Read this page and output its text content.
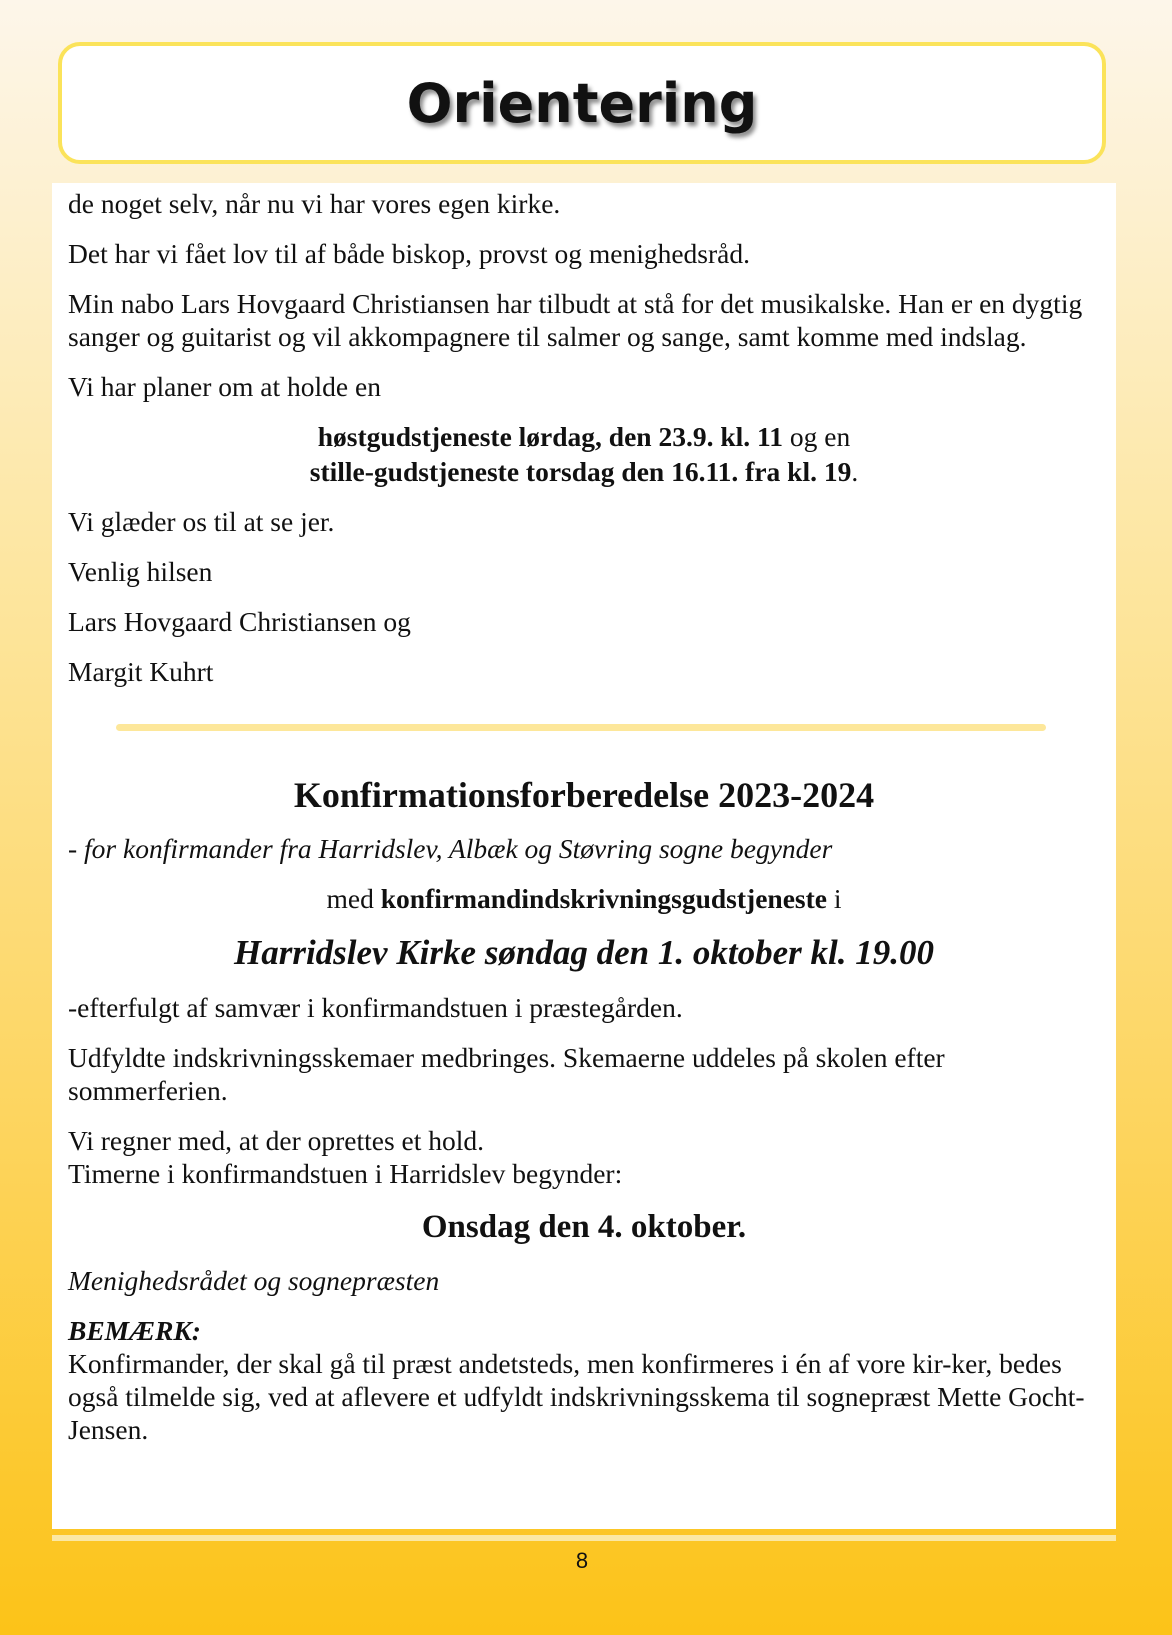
Orientering

de noget selv, når nu vi har vores egen kirke.

Det har vi fået lov til af både biskop, provst og menighedsråd.

Min nabo Lars Hovgaard Christiansen har tilbudt at stå for det musikalske. Han er en dygtig sanger og guitarist og vil akkompagnere til salmer og sange, samt komme med indslag.

Vi har planer om at holde en

høstgudstjeneste lørdag, den 23.9. kl. 11 og en

stille-gudstjeneste torsdag den 16.11. fra kl. 19.

Vi glæder os til at se jer.

Venlig hilsen

Lars Hovgaard Christiansen og

Margit Kuhrt

Konfirmationsforberedelse 2023-2024

- for konfirmander fra Harridslev, Albæk og Støvring sogne begynder

med konfirmandindskrivningsgudstjeneste i

Harridslev Kirke søndag den 1. oktober kl. 19.00

-efterfulgt af samvær i konfirmandstuen i præstegården.

Udfyldte indskrivningsskemaer medbringes. Skemaerne uddeles på skolen efter sommerferien.

Vi regner med, at der oprettes et hold.

Timerne i konfirmandstuen i Harridslev begynder:

Onsdag den 4. oktober.

Menighedsrådet og sognepræsten

BEMÆRK:

Konfirmander, der skal gå til præst andetsteds, men konfirmeres i én af vore kir-ker, bedes også tilmelde sig, ved at aflevere et udfyldt indskrivningsskema til sognepræst Mette Gocht-Jensen.

8
